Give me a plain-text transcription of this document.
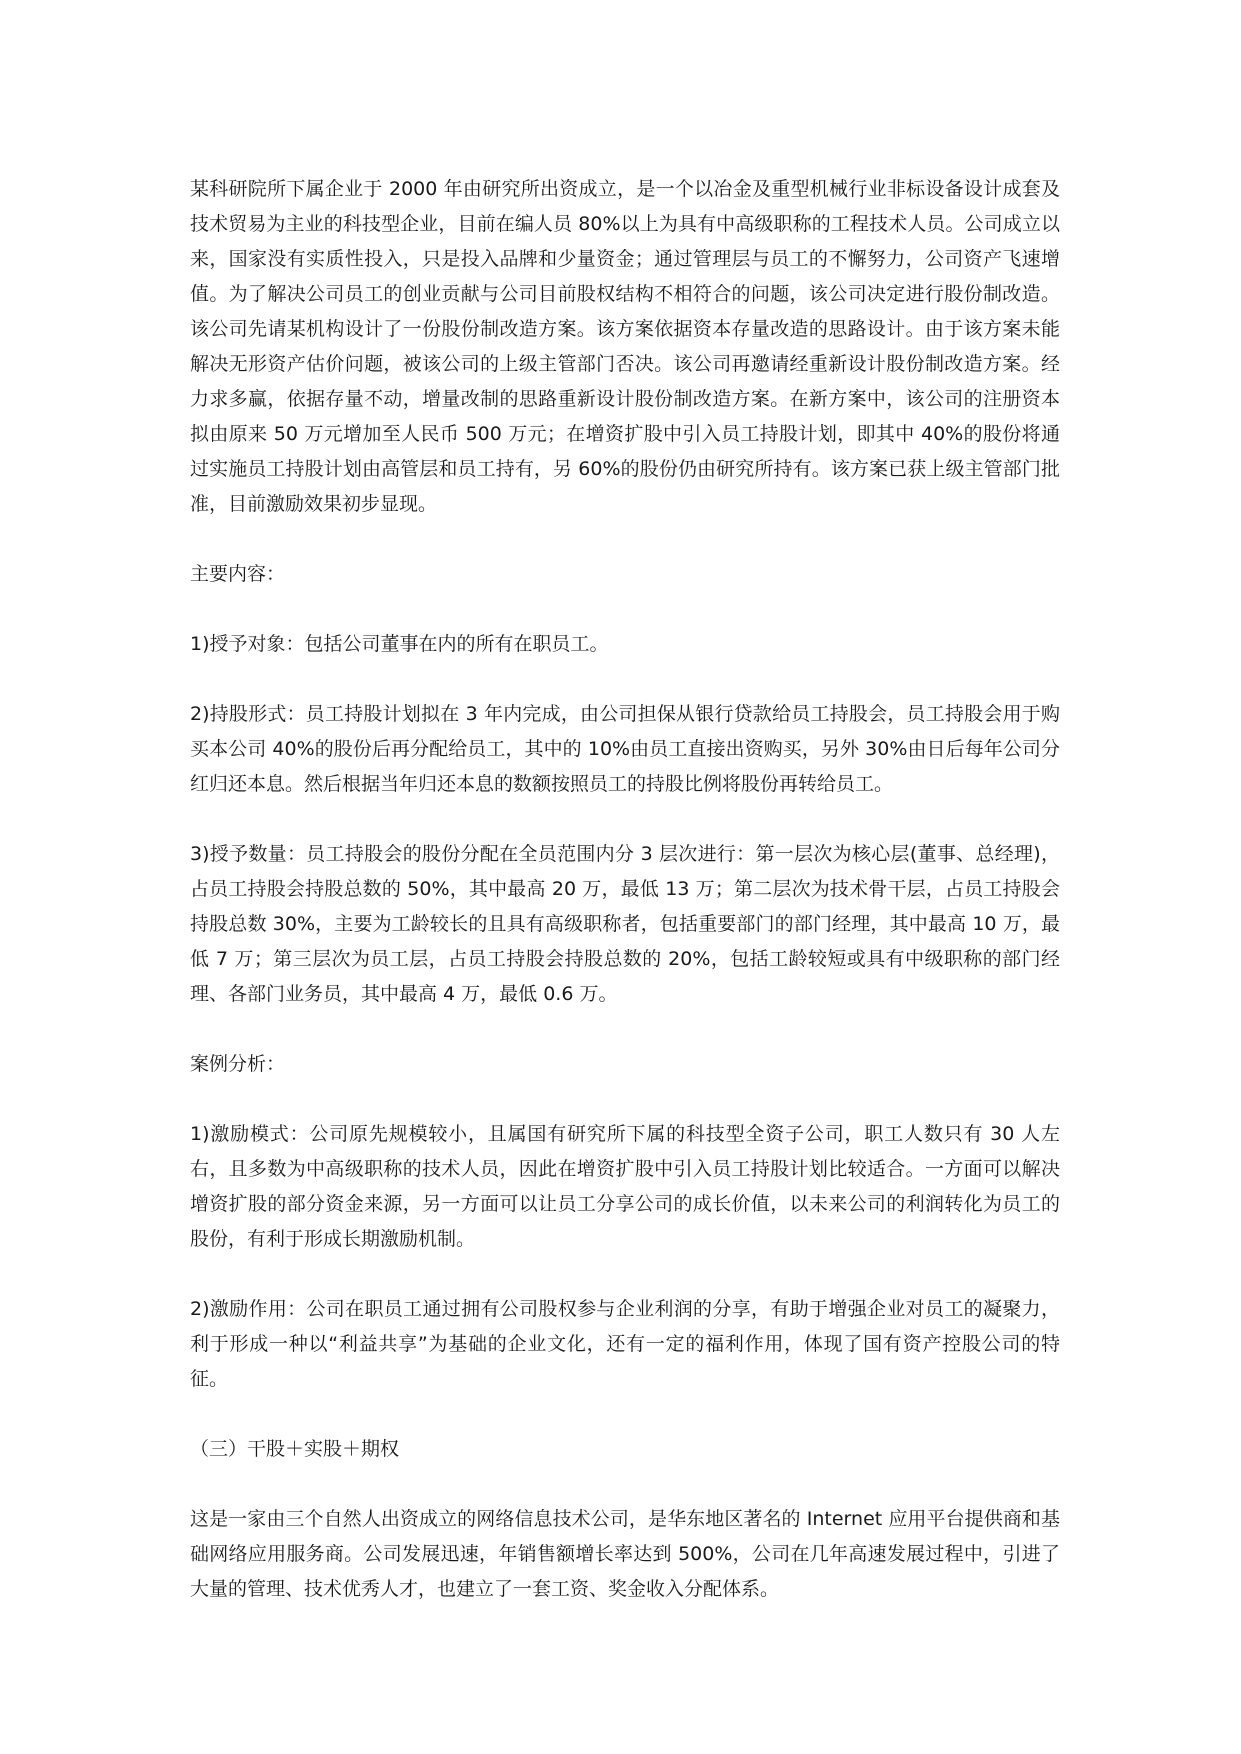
某科研院所下属企业于 2000 年由研究所出资成立，是一个以冶金及重型机械行业非标设备设计成套及技术贸易为主业的科技型企业，目前在编人员 80%以上为具有中高级职称的工程技术人员。公司成立以来，国家没有实质性投入，只是投入品牌和少量资金；通过管理层与员工的不懈努力，公司资产飞速增值。为了解决公司员工的创业贡献与公司目前股权结构不相符合的问题，该公司决定进行股份制改造。该公司先请某机构设计了一份股份制改造方案。该方案依据资本存量改造的思路设计。由于该方案未能解决无形资产估价问题，被该公司的上级主管部门否决。该公司再邀请经重新设计股份制改造方案。经力求多赢，依据存量不动，增量改制的思路重新设计股份制改造方案。在新方案中，该公司的注册资本拟由原来 50 万元增加至人民币 500 万元；在增资扩股中引入员工持股计划，即其中 40%的股份将通过实施员工持股计划由高管层和员工持有，另 60%的股份仍由研究所持有。该方案已获上级主管部门批准，目前激励效果初步显现。

主要内容：

1)授予对象：包括公司董事在内的所有在职员工。

2)持股形式：员工持股计划拟在 3 年内完成，由公司担保从银行贷款给员工持股会，员工持股会用于购买本公司 40%的股份后再分配给员工，其中的 10%由员工直接出资购买，另外 30%由日后每年公司分红归还本息。然后根据当年归还本息的数额按照员工的持股比例将股份再转给员工。

3)授予数量：员工持股会的股份分配在全员范围内分 3 层次进行：第一层次为核心层(董事、总经理)，占员工持股会持股总数的 50%，其中最高 20 万，最低 13 万；第二层次为技术骨干层，占员工持股会持股总数 30%，主要为工龄较长的且具有高级职称者，包括重要部门的部门经理，其中最高 10 万，最低 7 万；第三层次为员工层，占员工持股会持股总数的 20%，包括工龄较短或具有中级职称的部门经理、各部门业务员，其中最高 4 万，最低 0.6 万。

案例分析：

1)激励模式：公司原先规模较小，且属国有研究所下属的科技型全资子公司，职工人数只有 30 人左右，且多数为中高级职称的技术人员，因此在增资扩股中引入员工持股计划比较适合。一方面可以解决增资扩股的部分资金来源，另一方面可以让员工分享公司的成长价值，以未来公司的利润转化为员工的股份，有利于形成长期激励机制。

2)激励作用：公司在职员工通过拥有公司股权参与企业利润的分享，有助于增强企业对员工的凝聚力，利于形成一种以“利益共享”为基础的企业文化，还有一定的福利作用，体现了国有资产控股公司的特征。

（三）干股＋实股＋期权

这是一家由三个自然人出资成立的网络信息技术公司，是华东地区著名的 Internet 应用平台提供商和基础网络应用服务商。公司发展迅速，年销售额增长率达到 500%，公司在几年高速发展过程中，引进了大量的管理、技术优秀人才，也建立了一套工资、奖金收入分配体系。
